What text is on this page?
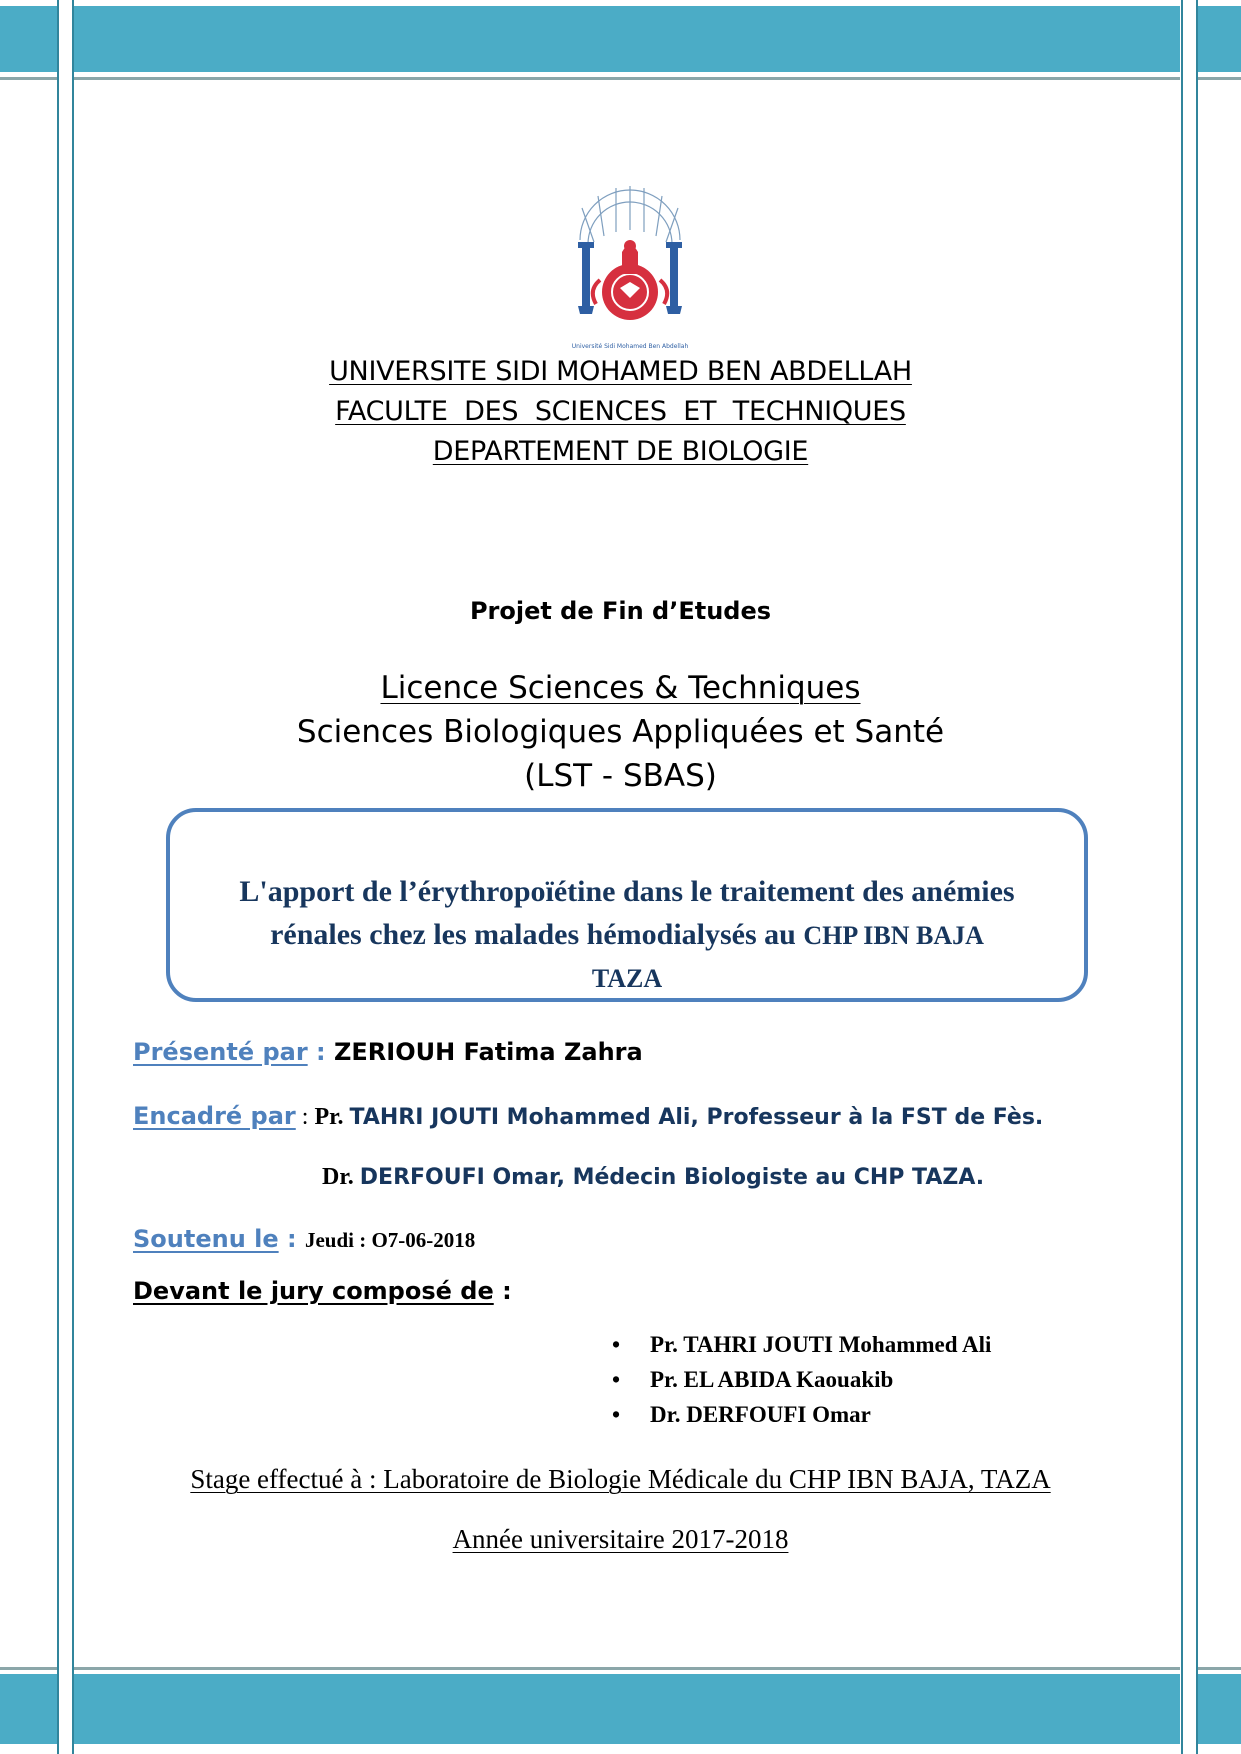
Université Sidi Mohamed Ben Abdellah
UNIVERSITE SIDI MOHAMED BEN ABDELLAH
FACULTE  DES  SCIENCES  ET  TECHNIQUES
DEPARTEMENT DE BIOLOGIE
Projet de Fin d’Etudes
Licence Sciences & Techniques
Sciences Biologiques Appliquées et Santé
(LST - SBAS)
L'apport de l’érythropoïétine dans le traitement des anémies
rénales chez les malades hémodialysés au CHP IBN BAJA
TAZA
Présenté par : ZERIOUH Fatima Zahra
Encadré par : Pr. TAHRI JOUTI Mohammed Ali, Professeur à la FST de Fès.
Dr. DERFOUFI Omar, Médecin Biologiste au CHP TAZA.
Soutenu le : Jeudi : O7-06-2018
Devant le jury composé de :
• Pr. TAHRI JOUTI Mohammed Ali
• Pr. EL ABIDA Kaouakib
• Dr. DERFOUFI Omar
Stage effectué à : Laboratoire de Biologie Médicale du CHP IBN BAJA, TAZA
Année universitaire 2017-2018
